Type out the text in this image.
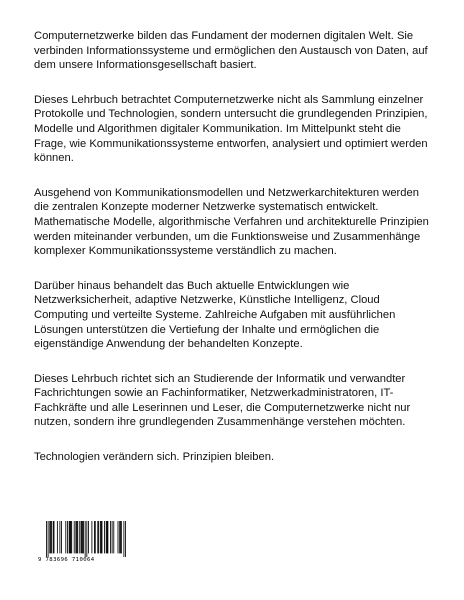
Computernetzwerke bilden das Fundament der modernen digitalen Welt. Sie verbinden Informationssysteme und ermöglichen den Austausch von Daten, auf dem unsere Informationsgesellschaft basiert.

Dieses Lehrbuch betrachtet Computernetzwerke nicht als Sammlung einzelner Protokolle und Technologien, sondern untersucht die grundlegenden Prinzipien, Modelle und Algorithmen digitaler Kommunikation. Im Mittelpunkt steht die Frage, wie Kommunikationssysteme entworfen, analysiert und optimiert werden können.

Ausgehend von Kommunikationsmodellen und Netzwerkarchitekturen werden die zentralen Konzepte moderner Netzwerke systematisch entwickelt. Mathematische Modelle, algorithmische Verfahren und architekturelle Prinzipien werden miteinander verbunden, um die Funktionsweise und Zusammenhänge komplexer Kommunikationssysteme verständlich zu machen.

Darüber hinaus behandelt das Buch aktuelle Entwicklungen wie Netzwerksicherheit, adaptive Netzwerke, Künstliche Intelligenz, Cloud Computing und verteilte Systeme. Zahlreiche Aufgaben mit ausführlichen Lösungen unterstützen die Vertiefung der Inhalte und ermöglichen die eigenständige Anwendung der behandelten Konzepte.

Dieses Lehrbuch richtet sich an Studierende der Informatik und verwandter Fachrichtungen sowie an Fachinformatiker, Netzwerkadministratoren, IT-Fachkräfte und alle Leserinnen und Leser, die Computernetzwerke nicht nur nutzen, sondern ihre grundlegenden Zusammenhänge verstehen möchten.

Technologien verändern sich. Prinzipien bleiben.

9 783696 710064
